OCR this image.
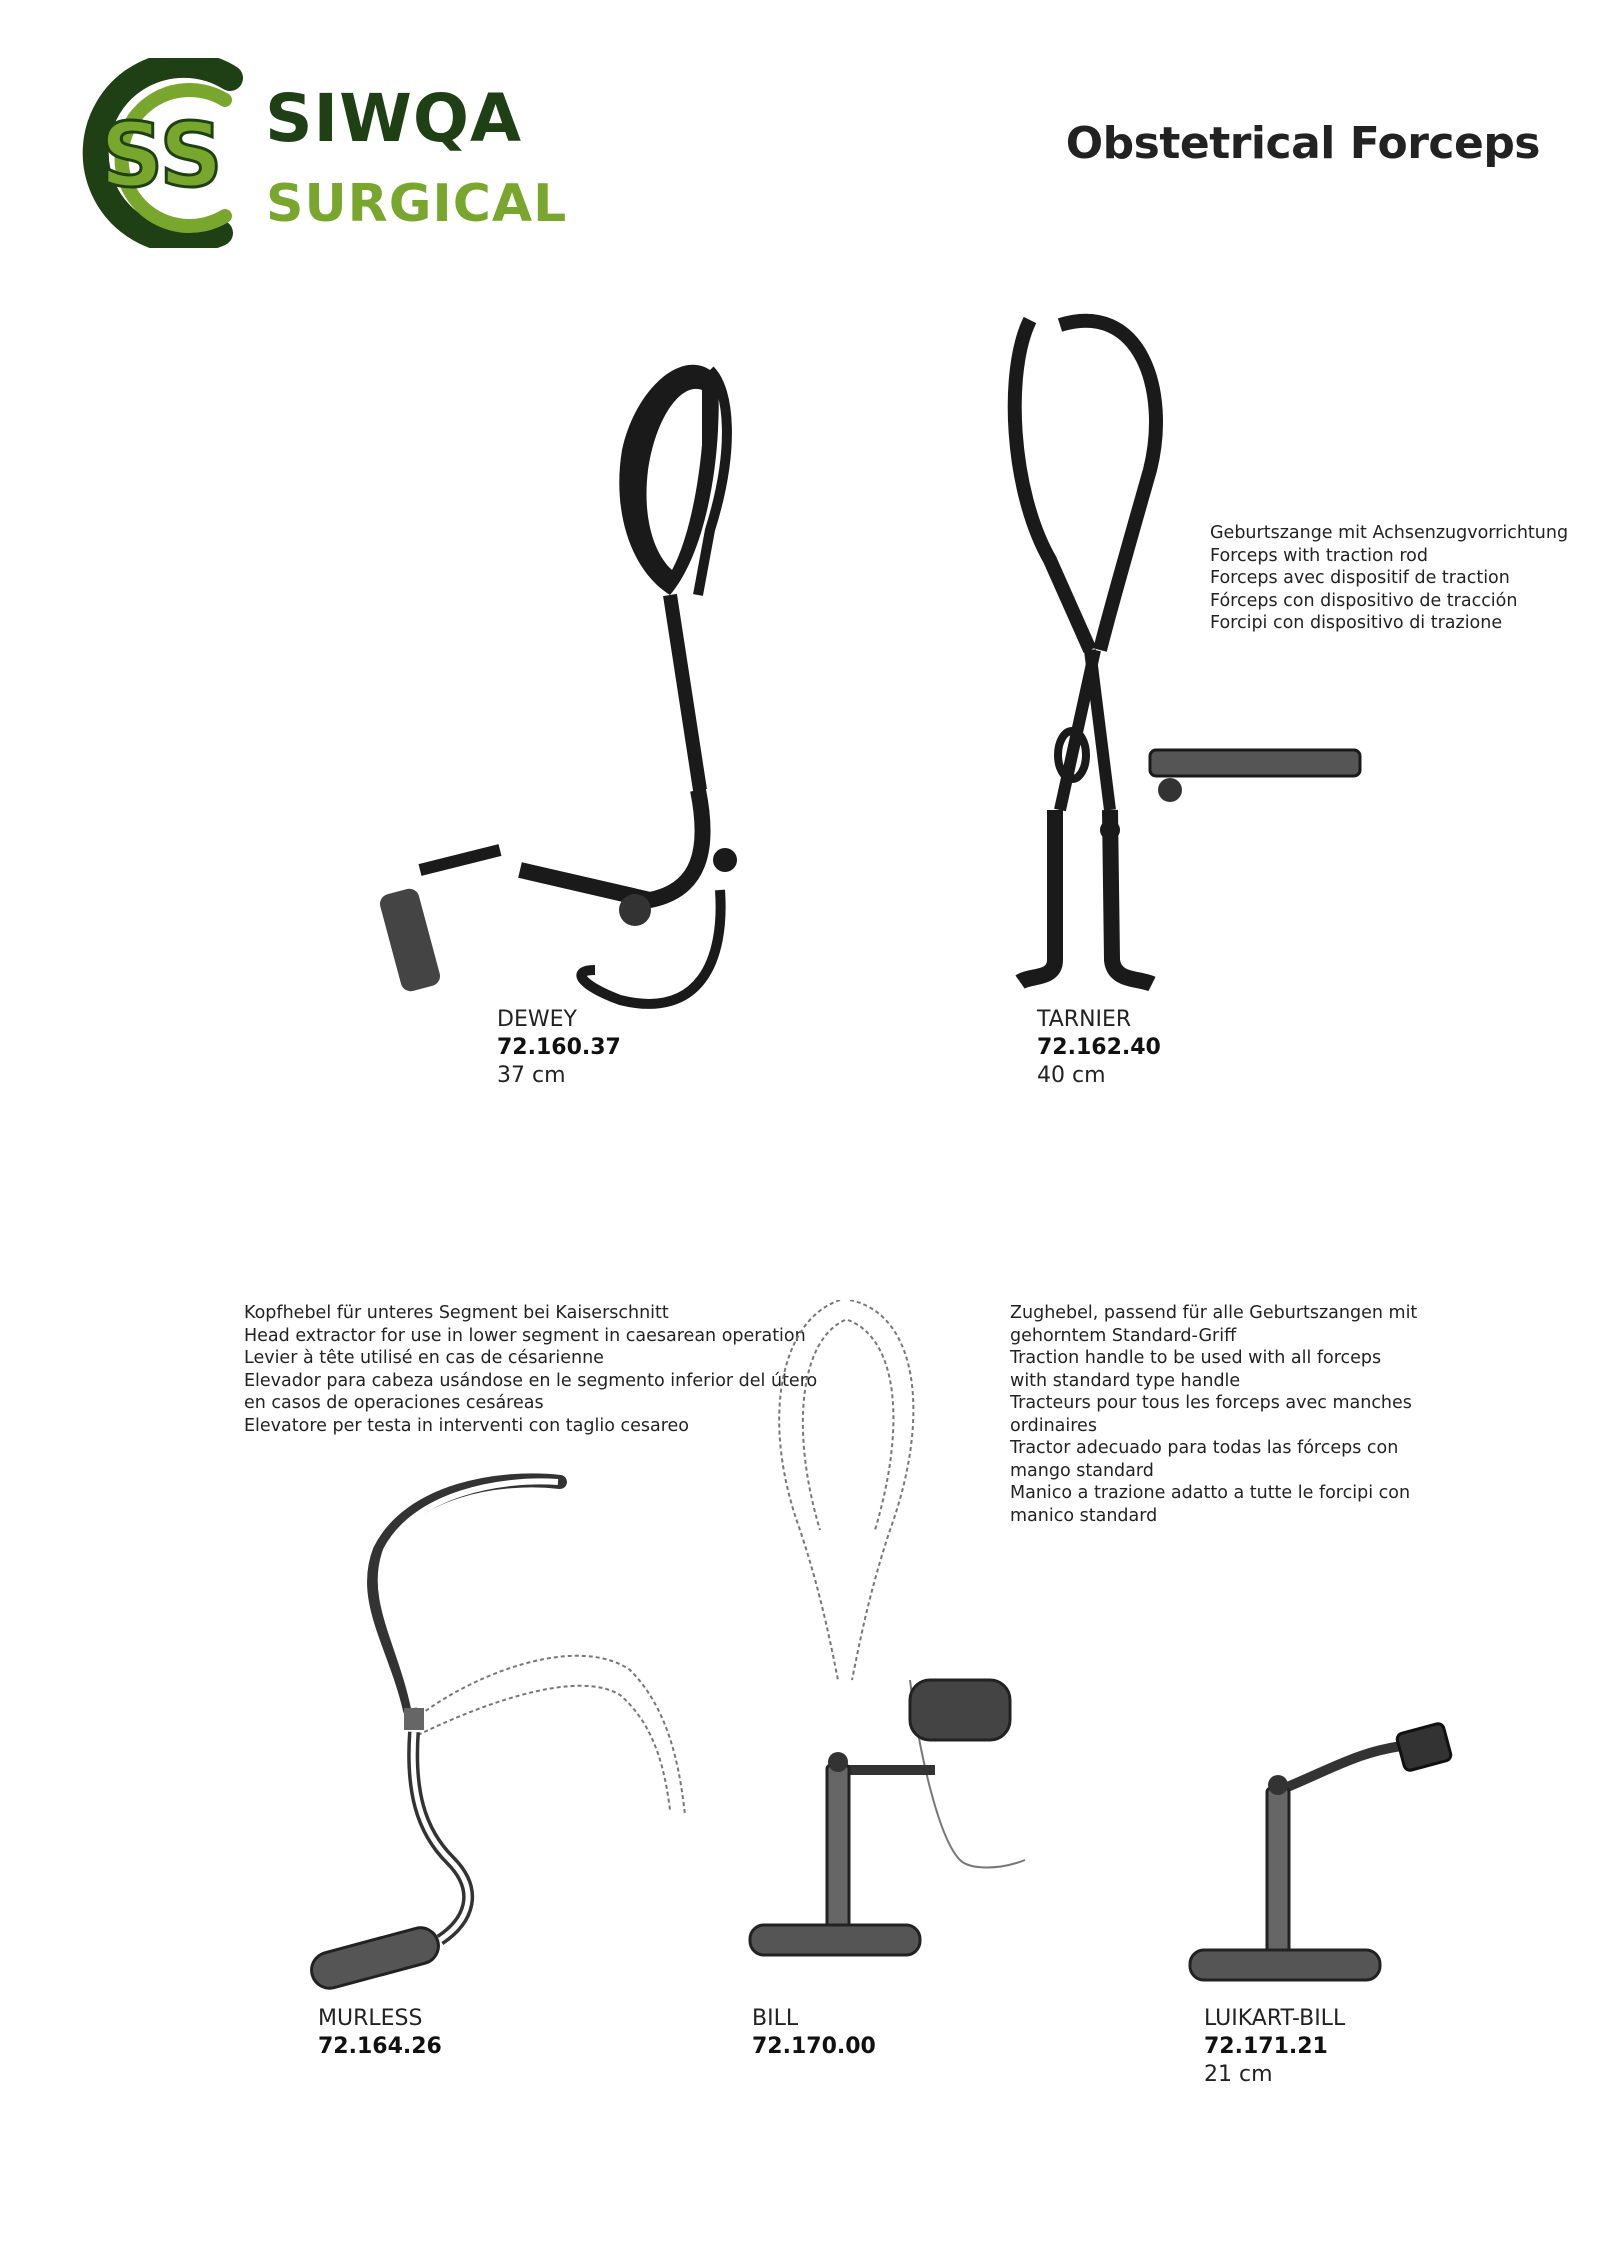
SS SIWQA
SURGICAL
Obstetrical Forceps
Geburtszange mit Achsenzugvorrichtung
Forceps with traction rod
Forceps avec dispositif de traction
Fórceps con dispositivo de tracción
Forcipi con dispositivo di trazione
DEWEY
72.160.37
37 cm
TARNIER
72.162.40
40 cm
Kopfhebel für unteres Segment bei Kaiserschnitt
Head extractor for use in lower segment in caesarean operation
Levier à tête utilisé en cas de césarienne
Elevador para cabeza usándose en le segmento inferior del útero
en casos de operaciones cesáreas
Elevatore per testa in interventi con taglio cesareo
Zughebel, passend für alle Geburtszangen mit
gehorntem Standard-Griff
Traction handle to be used with all forceps
with standard type handle
Tracteurs pour tous les forceps avec manches
ordinaires
Tractor adecuado para todas las fórceps con
mango standard
Manico a trazione adatto a tutte le forcipi con
manico standard
MURLESS
72.164.26
BILL
72.170.00
LUIKART-BILL
72.171.21
21 cm
